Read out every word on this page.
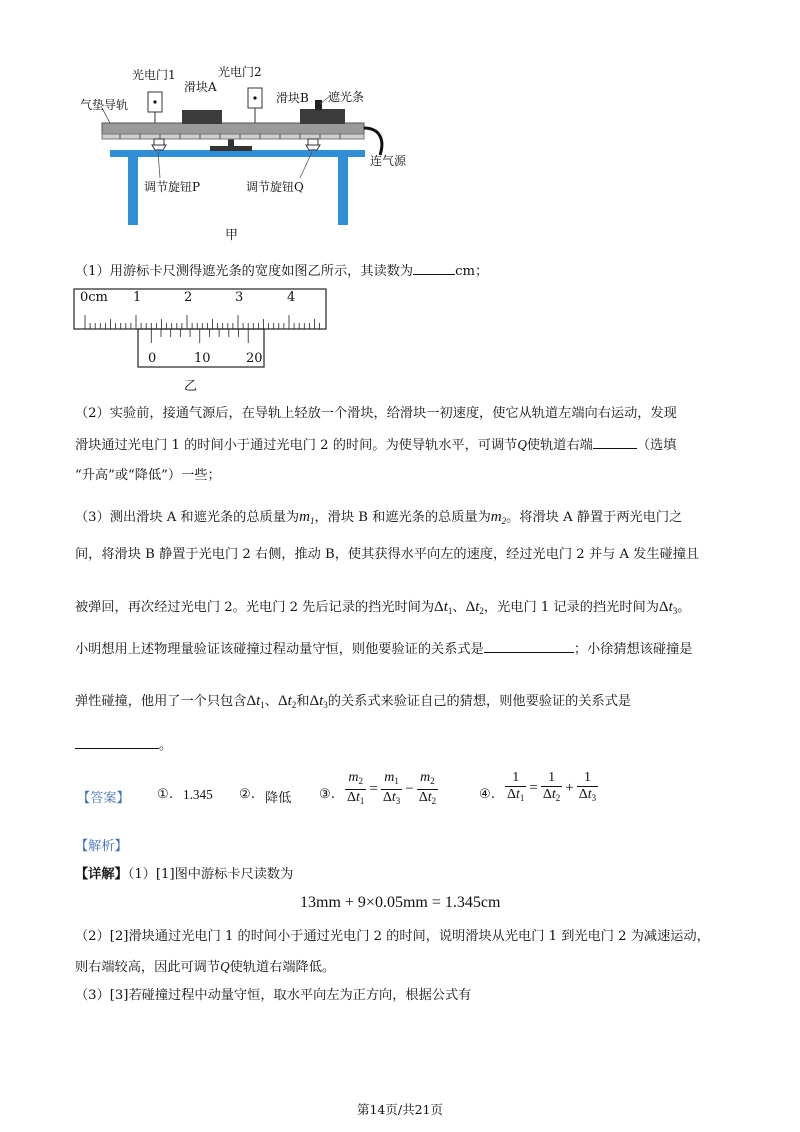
光电门1	光电门2
滑块A
滑块B 遮光条
气垫导轨
连气源
调节旋钮P	调节旋钮Q
甲
（1）用游标卡尺测得遮光条的宽度如图乙所示，其读数为	cm；
0cm 1	2	3	4
0	10	20
乙
（2）实验前，接通气源后，在导轨上轻放一个滑块，给滑块一初速度，使它从轨道左端向右运动，发现
滑块通过光电门 1 的时间小于通过光电门 2 的时间。为使导轨水平，可调节Q使轨道右端	（选填
“升高”或“降低”）一些；
（3）测出滑块 A 和遮光条的总质量为$m_1$，滑块 B 和遮光条的总质量为$m_2$。将滑块 A 静置于两光电门之
间，将滑块 B 静置于光电门 2 右侧，推动 B，使其获得水平向左的速度，经过光电门 2 并与 A 发生碰撞且
被弹回，再次经过光电门 2。光电门 2 先后记录的挡光时间为$\Delta t_1$、$\Delta t_2$，光电门 1 记录的挡光时间为$\Delta t_3$。
小明想用上述物理量验证该碰撞过程动量守恒，则他要验证的关系式是	；小徐猜想该碰撞是
弹性碰撞，他用了一个只包含$\Delta t_1$、$\Delta t_2$和$\Delta t_3$的关系式来验证自己的猜想，则他要验证的关系式是
。
【答案】 ①. 1.345 ②. 降低 ③. $\frac{m_2}{\Delta t_1} = \frac{m_1}{\Delta t_3} - \frac{m_2}{\Delta t_2}$	④. $\frac{1}{\Delta t_1} = \frac{1}{\Delta t_2} + \frac{1}{\Delta t_3}$
【解析】
【详解】（1）[1]图中游标卡尺读数为
13mm + 9×0.05mm = 1.345cm
（2）[2]滑块通过光电门 1 的时间小于通过光电门 2 的时间，说明滑块从光电门 1 到光电门 2 为减速运动，
则右端较高，因此可调节Q使轨道右端降低。
（3）[3]若碰撞过程中动量守恒，取水平向左为正方向，根据公式有
第14页/共21页
